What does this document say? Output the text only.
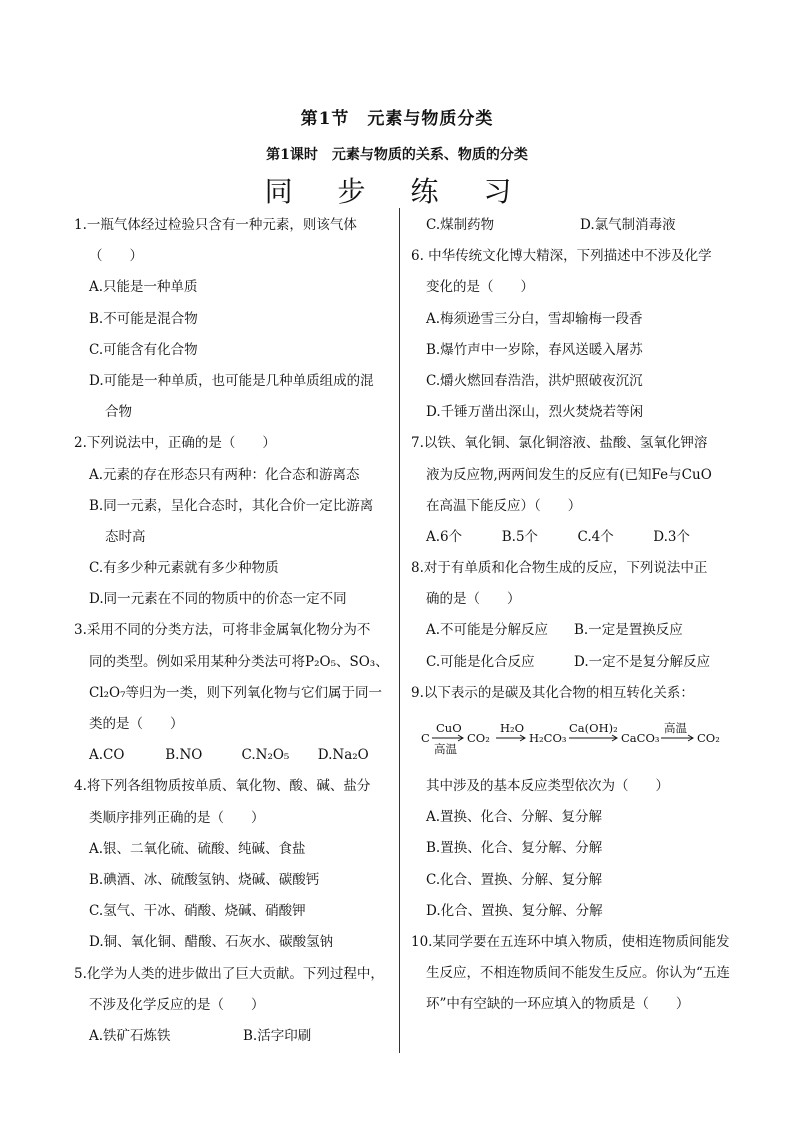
第1节　元素与物质分类
第1课时　元素与物质的关系、物质的分类
同 步 练 习
1.一瓶气体经过检验只含有一种元素，则该气体
（　　）
A.只能是一种单质
B.不可能是混合物
C.可能含有化合物
D.可能是一种单质，也可能是几种单质组成的混
合物
2.下列说法中，正确的是（　　）
A.元素的存在形态只有两种：化合态和游离态
B.同一元素，呈化合态时，其化合价一定比游离
态时高
C.有多少种元素就有多少种物质
D.同一元素在不同的物质中的价态一定不同
3.采用不同的分类方法，可将非金属氧化物分为不
同的类型。例如采用某种分类法可将P₂O₅、SO₃、
Cl₂O₇等归为一类，则下列氧化物与它们属于同一
类的是（　　）
A.CO	B.NO	C.N₂O₅	D.Na₂O
4.将下列各组物质按单质、氧化物、酸、碱、盐分
类顺序排列正确的是（　　）
A.银、二氧化硫、硫酸、纯碱、食盐
B.碘酒、冰、硫酸氢钠、烧碱、碳酸钙
C.氢气、干冰、硝酸、烧碱、硝酸钾
D.铜、氧化铜、醋酸、石灰水、碳酸氢钠
5.化学为人类的进步做出了巨大贡献。下列过程中，
不涉及化学反应的是（　　）
A.铁矿石炼铁	B.活字印刷
C.煤制药物	D.氯气制消毒液
6. 中华传统文化博大精深，下列描述中不涉及化学
变化的是（　　）
A.梅须逊雪三分白，雪却输梅一段香
B.爆竹声中一岁除，春风送暖入屠苏
C.爝火燃回春浩浩，洪炉照破夜沉沉
D.千锤万凿出深山，烈火焚烧若等闲
7.以铁、氧化铜、氯化铜溶液、盐酸、氢氧化钾溶
液为反应物,两两间发生的反应有(已知Fe与CuO
在高温下能反应）（　　）
A.6个	B.5个	C.4个	D.3个
8.对于有单质和化合物生成的反应，下列说法中正
确的是（　　）
A.不可能是分解反应	B.一定是置换反应
C.可能是化合反应	D.一定不是复分解反应
9.以下表示的是碳及其化合物的相互转化关系：
C
CuO
高温
CO₂
H₂O
H₂CO₃
Ca(OH)₂
CaCO₃
高温
CO₂
其中涉及的基本反应类型依次为（　　）
A.置换、化合、分解、复分解
B.置换、化合、复分解、分解
C.化合、置换、分解、复分解
D.化合、置换、复分解、分解
10.某同学要在五连环中填入物质，使相连物质间能发
生反应，不相连物质间不能发生反应。你认为“五连
环”中有空缺的一环应填入的物质是（　　）
